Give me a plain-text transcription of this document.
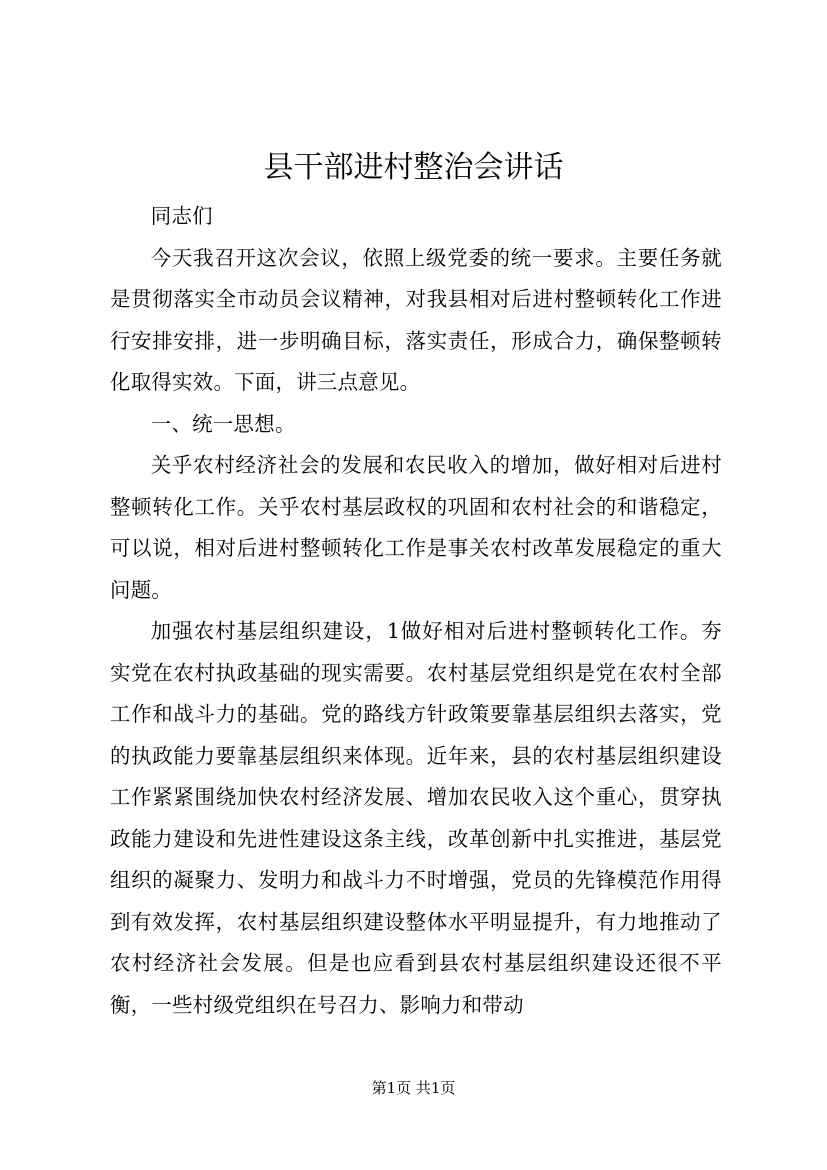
县干部进村整治会讲话

同志们

今天我召开这次会议，依照上级党委的统一要求。主要任务就是贯彻落实全市动员会议精神，对我县相对后进村整顿转化工作进行安排安排，进一步明确目标，落实责任，形成合力，确保整顿转化取得实效。下面，讲三点意见。

一、统一思想。

关乎农村经济社会的发展和农民收入的增加，做好相对后进村整顿转化工作。关乎农村基层政权的巩固和农村社会的和谐稳定，可以说，相对后进村整顿转化工作是事关农村改革发展稳定的重大问题。

加强农村基层组织建设，1做好相对后进村整顿转化工作。夯实党在农村执政基础的现实需要。农村基层党组织是党在农村全部工作和战斗力的基础。党的路线方针政策要靠基层组织去落实，党的执政能力要靠基层组织来体现。近年来，县的农村基层组织建设工作紧紧围绕加快农村经济发展、增加农民收入这个重心，贯穿执政能力建设和先进性建设这条主线，改革创新中扎实推进，基层党组织的凝聚力、发明力和战斗力不时增强，党员的先锋模范作用得到有效发挥，农村基层组织建设整体水平明显提升，有力地推动了农村经济社会发展。但是也应看到县农村基层组织建设还很不平衡，一些村级党组织在号召力、影响力和带动

第1页 共1页
